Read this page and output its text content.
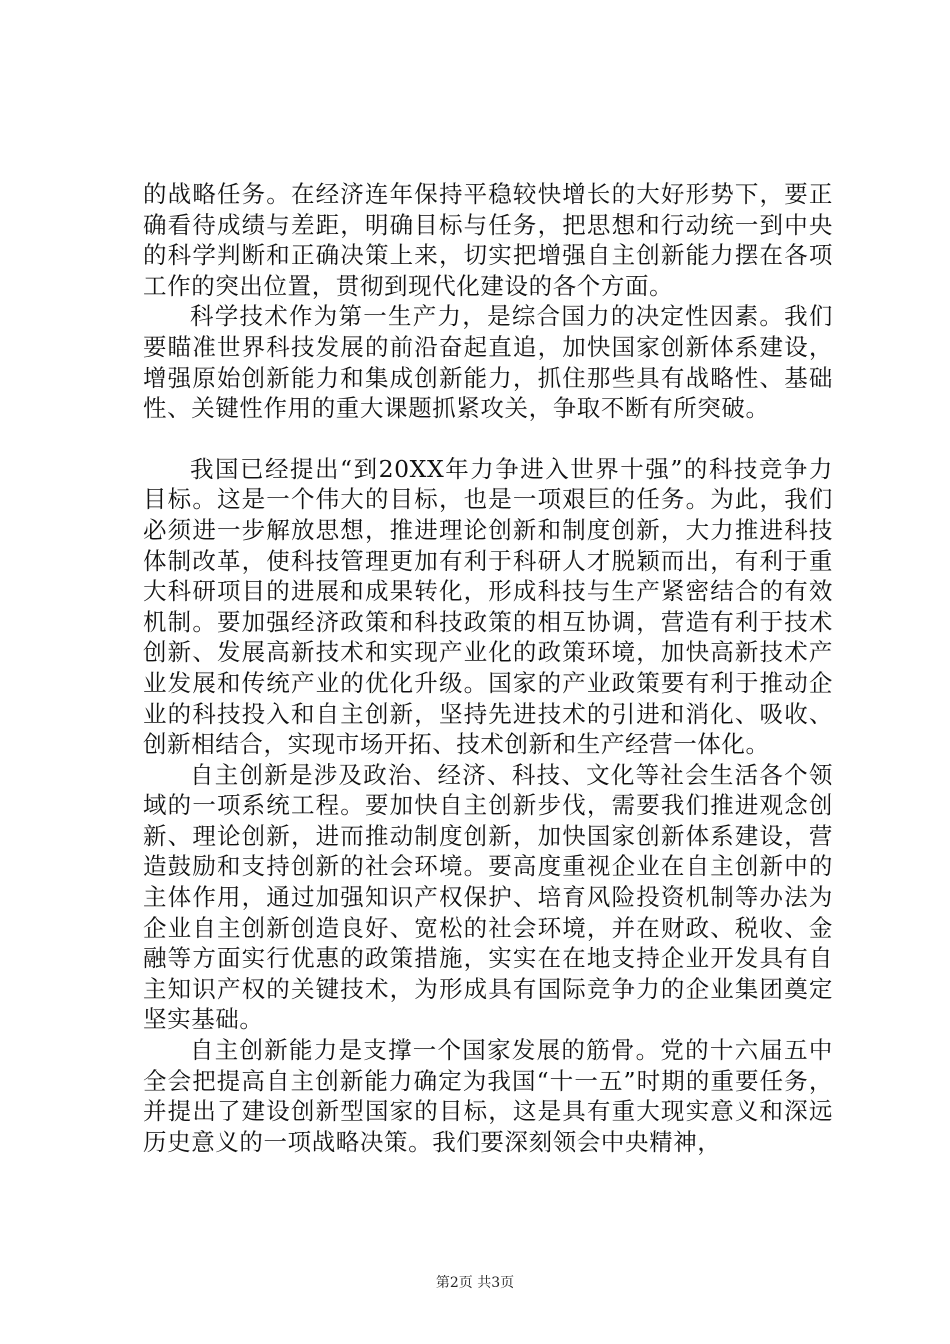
的战略任务。在经济连年保持平稳较快增长的大好形势下，要正确看待成绩与差距，明确目标与任务，把思想和行动统一到中央的科学判断和正确决策上来，切实把增强自主创新能力摆在各项工作的突出位置，贯彻到现代化建设的各个方面。

科学技术作为第一生产力，是综合国力的决定性因素。我们要瞄准世界科技发展的前沿奋起直追，加快国家创新体系建设，增强原始创新能力和集成创新能力，抓住那些具有战略性、基础性、关键性作用的重大课题抓紧攻关，争取不断有所突破。

我国已经提出“到20XX年力争进入世界十强”的科技竞争力目标。这是一个伟大的目标，也是一项艰巨的任务。为此，我们必须进一步解放思想，推进理论创新和制度创新，大力推进科技体制改革，使科技管理更加有利于科研人才脱颖而出，有利于重大科研项目的进展和成果转化，形成科技与生产紧密结合的有效机制。要加强经济政策和科技政策的相互协调，营造有利于技术创新、发展高新技术和实现产业化的政策环境，加快高新技术产业发展和传统产业的优化升级。国家的产业政策要有利于推动企业的科技投入和自主创新，坚持先进技术的引进和消化、吸收、创新相结合，实现市场开拓、技术创新和生产经营一体化。

自主创新是涉及政治、经济、科技、文化等社会生活各个领域的一项系统工程。要加快自主创新步伐，需要我们推进观念创新、理论创新，进而推动制度创新，加快国家创新体系建设，营造鼓励和支持创新的社会环境。要高度重视企业在自主创新中的主体作用，通过加强知识产权保护、培育风险投资机制等办法为企业自主创新创造良好、宽松的社会环境，并在财政、税收、金融等方面实行优惠的政策措施，实实在在地支持企业开发具有自主知识产权的关键技术，为形成具有国际竞争力的企业集团奠定坚实基础。

自主创新能力是支撑一个国家发展的筋骨。党的十六届五中全会把提高自主创新能力确定为我国“十一五”时期的重要任务，并提出了建设创新型国家的目标，这是具有重大现实意义和深远历史意义的一项战略决策。我们要深刻领会中央精神，

第2页 共3页
